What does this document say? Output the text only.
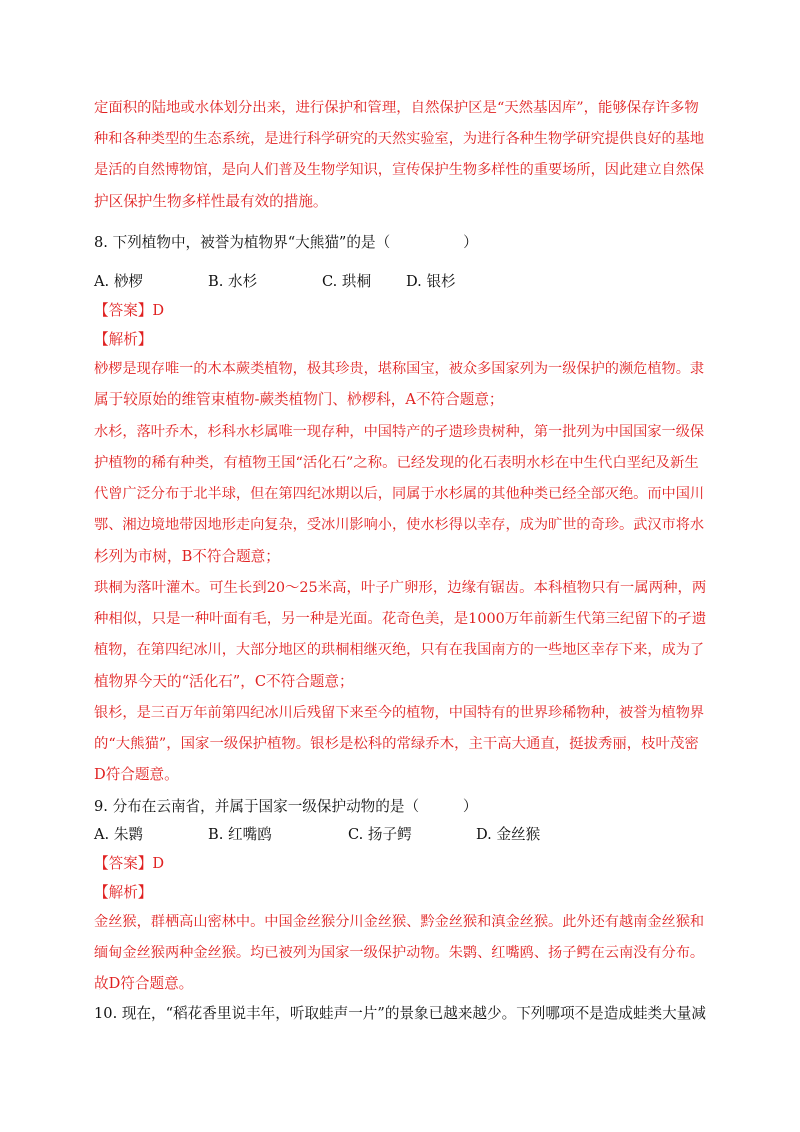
定面积的陆地或水体划分出来，进行保护和管理，自然保护区是“天然基因库”，能够保存许多物
种和各种类型的生态系统，是进行科学研究的天然实验室，为进行各种生物学研究提供良好的基地
是活的自然博物馆，是向人们普及生物学知识，宣传保护生物多样性的重要场所，因此建立自然保
护区保护生物多样性最有效的措施。
8. 下列植物中，被誉为植物界“大熊猫”的是（　　　　　）
A. 桫椤	B. 水杉	C. 珙桐 D. 银杉
【答案】D
【解析】
桫椤是现存唯一的木本蕨类植物，极其珍贵，堪称国宝，被众多国家列为一级保护的濒危植物。隶
属于较原始的维管束植物-蕨类植物门、桫椤科，A不符合题意；
水杉，落叶乔木，杉科水杉属唯一现存种，中国特产的孑遗珍贵树种，第一批列为中国国家一级保
护植物的稀有种类，有植物王国“活化石”之称。已经发现的化石表明水杉在中生代白垩纪及新生
代曾广泛分布于北半球，但在第四纪冰期以后，同属于水杉属的其他种类已经全部灭绝。而中国川
鄂、湘边境地带因地形走向复杂，受冰川影响小，使水杉得以幸存，成为旷世的奇珍。武汉市将水
杉列为市树，B不符合题意；
珙桐为落叶灌木。可生长到20～25米高，叶子广卵形，边缘有锯齿。本科植物只有一属两种，两
种相似，只是一种叶面有毛，另一种是光面。花奇色美，是1000万年前新生代第三纪留下的孑遗
植物，在第四纪冰川，大部分地区的珙桐相继灭绝，只有在我国南方的一些地区幸存下来，成为了
植物界今天的“活化石”，C不符合题意；
银杉，是三百万年前第四纪冰川后残留下来至今的植物，中国特有的世界珍稀物种，被誉为植物界
的“大熊猫”，国家一级保护植物。银杉是松科的常绿乔木，主干高大通直，挺拔秀丽，枝叶茂密
D符合题意。
9. 分布在云南省，并属于国家一级保护动物的是（　　　）
A. 朱鹮	B. 红嘴鸥	C. 扬子鳄	D. 金丝猴
【答案】D
【解析】
金丝猴，群栖高山密林中。中国金丝猴分川金丝猴、黔金丝猴和滇金丝猴。此外还有越南金丝猴和
缅甸金丝猴两种金丝猴。均已被列为国家一级保护动物。朱鹮、红嘴鸥、扬子鳄在云南没有分布。
故D符合题意。
10. 现在，“稻花香里说丰年，听取蛙声一片”的景象已越来越少。下列哪项不是造成蛙类大量减
